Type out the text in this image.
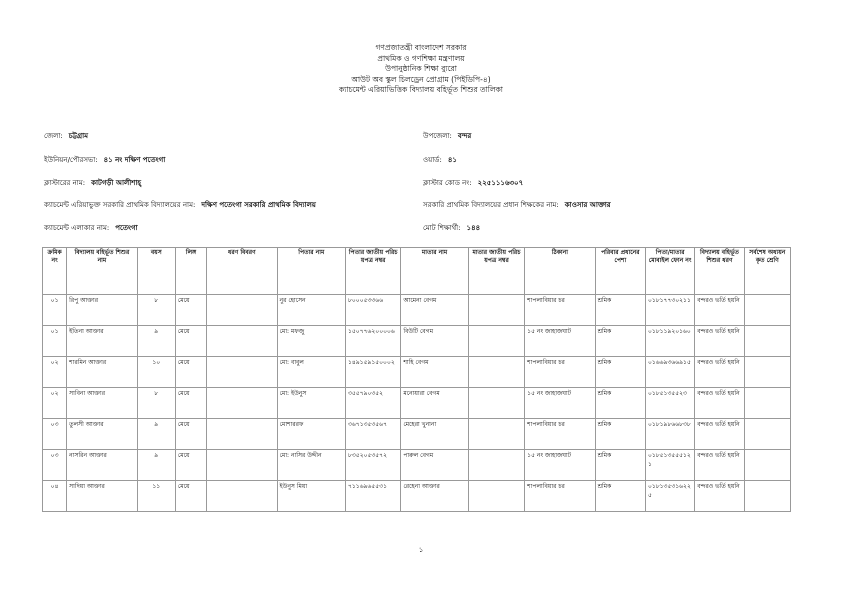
গণপ্রজাতন্ত্রী বাংলাদেশ সরকার
প্রাথমিক ও গণশিক্ষা মন্ত্রণালয়
উপানুষ্ঠানিক শিক্ষা ব্যুরো
আউট অব স্কুল চিলড্রেন প্রোগ্রাম (পিইডিপি-৪)
ক্যাচমেন্ট এরিয়াভিত্তিক বিদ্যালয় বহির্ভূত শিশুর তালিকা
জেলা: চট্টগ্রাম	উপজেলা: বন্দর
ইউনিয়ন/পৌরসভা: ৪১ নং দক্ষিণ পতেংগা	ওয়ার্ড: ৪১
ক্লাস্টারের নাম: কাটগড়ী আলীশাহ্	ক্লাস্টার কোড নং: ২২৫১১১৬৩০৭
ক্যাচমেন্ট এরিয়াভুক্ত সরকারি প্রাথমিক বিদ্যালয়ের নাম: দক্ষিণ পতেংগা সরকারি প্রাথমিক বিদ্যালয়	সরকারি প্রাথমিক বিদ্যালয়ের প্রধান শিক্ষকের নাম: কাওসার আক্তার
ক্যাচমেন্ট এলাকার নাম: পতেংগা	মোট শিক্ষার্থী: ১৪৪
ক্রমিক নং	বিদ্যালয় বহির্ভূত শিশুর নাম	বয়স	লিঙ্গ	ধরণ বিবরণ	পিতার নাম	পিতার জাতীয় পরিচয়পত্র নম্বর	মাতার নাম	মাতার জাতীয় পরিচয়পত্র নম্বর	ঠিকানা	পরিবার প্রধানের পেশা	পিতা/মাতার মোবাইল ফোন নং	বিদ্যালয় বহির্ভূত শিশুর ধরণ	সর্বশেষ অধ্যয়নকৃত শ্রেণি
০১	রিপু আক্তার	৮	মেয়ে		নুর হোসেন	৮০০০৫৩৩৬৬	আমেনা বেগম		শাপলাবিয়ার চর	শ্রমিক	০১৮১৭৭৩০২১১	বন্দরও ভর্তি হয়নি	
০১	ইতিনা আক্তার	৯	মেয়ে		মো: মফজু	১৫০৭৭৬২০০০০৬	বিউটি বেগম		১৫ নং জাহাজঘাট	শ্রমিক	০১৮১১৯২০১৬০	বন্দরও ভর্তি হয়নি	
০২	শারমিন আক্তার	১০	মেয়ে		মো: বাবুল	১৪৯১৫৯১৫০০০২	শাহি বেগম		শাপলাবিয়ার চর	শ্রমিক	০১৬৬৯৩৬৬৯১৫	বন্দরও ভর্তি হয়নি	
০২	সাবিনা আক্তার	৮	মেয়ে		মো: ইউনুস	৩৫৫৭৯০৩৫২	মনোয়ারা বেগম		১৫ নং জাহাজঘাট	শ্রমিক	০১৮৫১৩৫৫২৩	বন্দরও ভর্তি হয়নি	
০৩	তুলসী আক্তার	৯	মেয়ে		মোশাররফ	৩৬৭১৩৫৩৫৬৭	মেহেরা খুনানা		শাপলাবিয়ার চর	শ্রমিক	০১৮১৯৮৬৬৮৩৮	বন্দরও ভর্তি হয়নি	
০৩	নাসরিন আক্তার	৯	মেয়ে		মো: নাসির উদ্দীন	৮৩৫২০৫৩৫৭২	পারুল বেগম		১৫ নং জাহাজঘাট	শ্রমিক	০১৮৫১৩৫৫৫১২১	বন্দরও ভর্তি হয়নি	
০৪	সাদিয়া আক্তার	১১	মেয়ে		ইউনুস মিয়া	৭১১৬৯৬৫৫৩১	রেহেনা আক্তার		শাপলাবিয়ার চর	শ্রমিক	০১৮১৩৫৩১৬২২৫	বন্দরও ভর্তি হয়নি	
১
